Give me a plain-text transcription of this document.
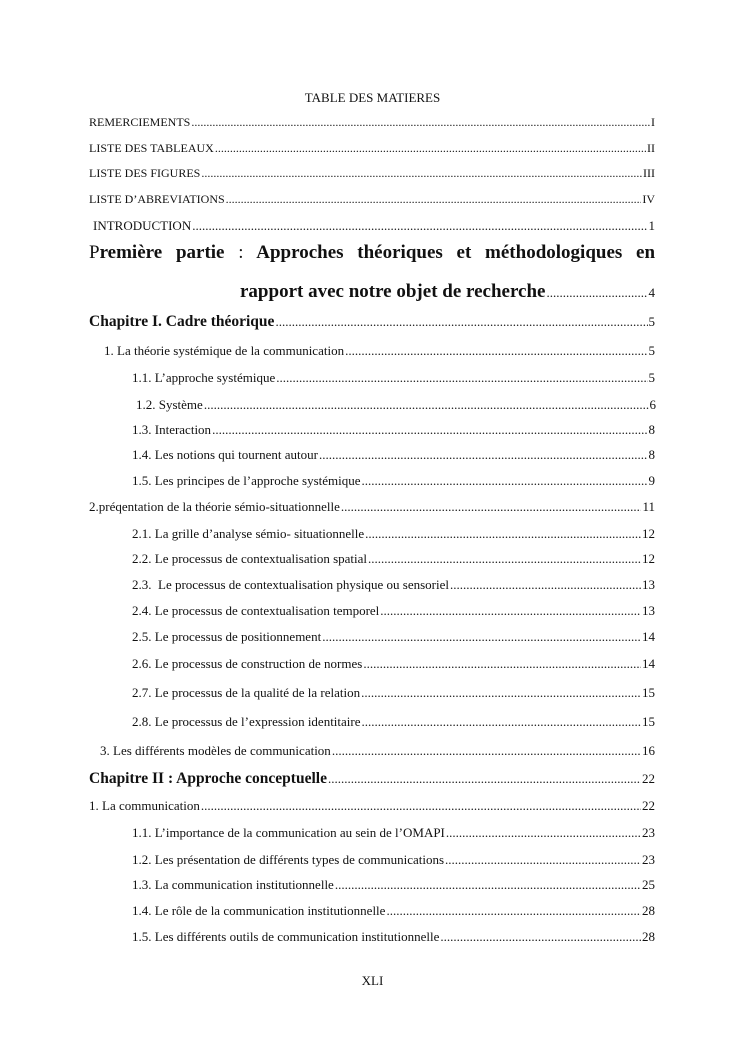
TABLE DES MATIERES
REMERCIEMENTS .....	I
LISTE DES TABLEAUX .....	II
LISTE DES FIGURES .....	III
LISTE D’ABREVIATIONS .....	IV
INTRODUCTION .....	1
Première partie : Approches théoriques et méthodologiques en
rapport avec notre objet de recherche .....	4
Chapitre I. Cadre théorique .....	5
1. La théorie systémique de la communication .....	5
1.1. L’approche systémique .....	5
1.2. Système .....	6
1.3. Interaction .....	8
1.4. Les notions qui tournent autour .....	8
1.5. Les principes de l’approche systémique .....	9
2.préqentation de la théorie sémio-situationnelle .....	11
2.1. La grille d’analyse sémio- situationnelle .....	12
2.2. Le processus de contextualisation spatial .....	12
2.3.  Le processus de contextualisation physique ou sensoriel .....	13
2.4. Le processus de contextualisation temporel .....	13
2.5. Le processus de positionnement .....	14
2.6. Le processus de construction de normes .....	14
2.7. Le processus de la qualité de la relation .....	15
2.8. Le processus de l’expression identitaire .....	15
3. Les différents modèles de communication .....	16
Chapitre II : Approche conceptuelle .....	22
1. La communication .....	22
1.1. L’importance de la communication au sein de l’OMAPI .....	23
1.2. Les présentation de différents types de communications .....	23
1.3. La communication institutionnelle .....	25
1.4. Le rôle de la communication institutionnelle .....	28
1.5. Les différents outils de communication institutionnelle .....	28
XLI
